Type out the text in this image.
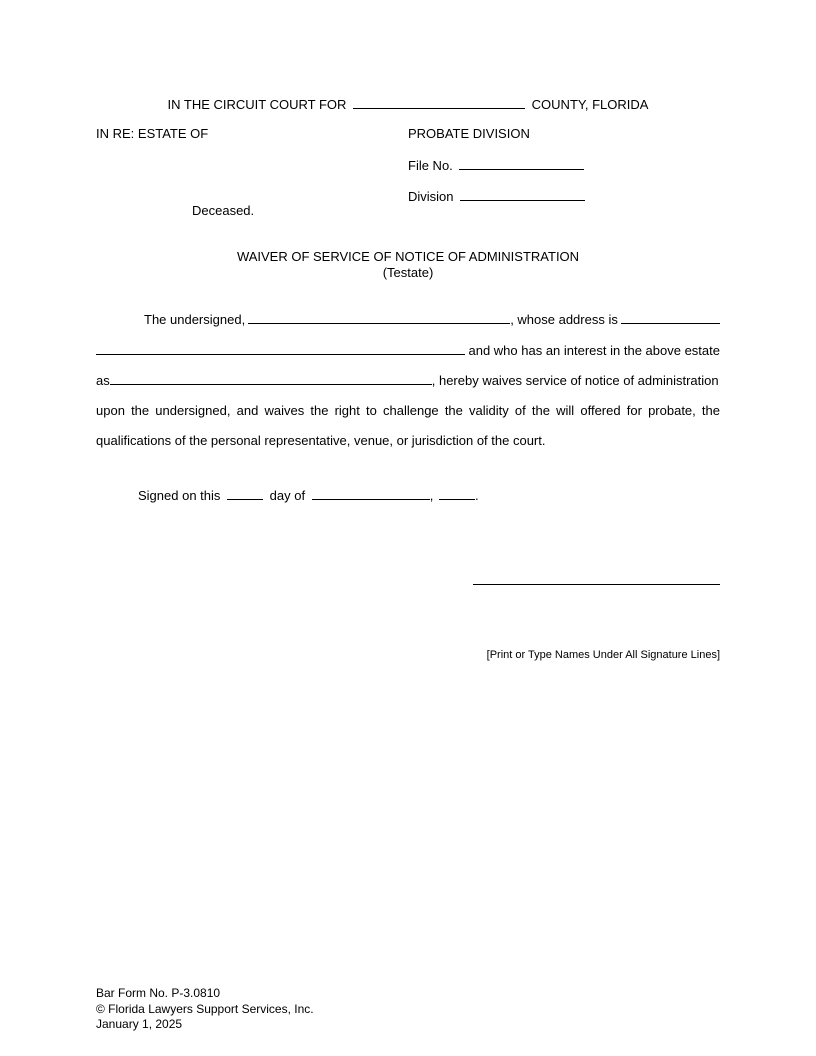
IN THE CIRCUIT COURT FOR	COUNTY, FLORIDA
IN RE: ESTATE OF	PROBATE DIVISION
File No.
Division
Deceased.
WAIVER OF SERVICE OF NOTICE OF ADMINISTRATION
(Testate)
The undersigned,	, whose address is
and who has an interest in the above estate
as	, hereby waives service of notice of administration
upon the undersigned, and waives the right to challenge the validity of the will offered for probate, the
qualifications of the personal representative, venue, or jurisdiction of the court.
Signed on this	day of	,	.
[Print or Type Names Under All Signature Lines]
Bar Form No. P-3.0810
© Florida Lawyers Support Services, Inc.
January 1, 2025
